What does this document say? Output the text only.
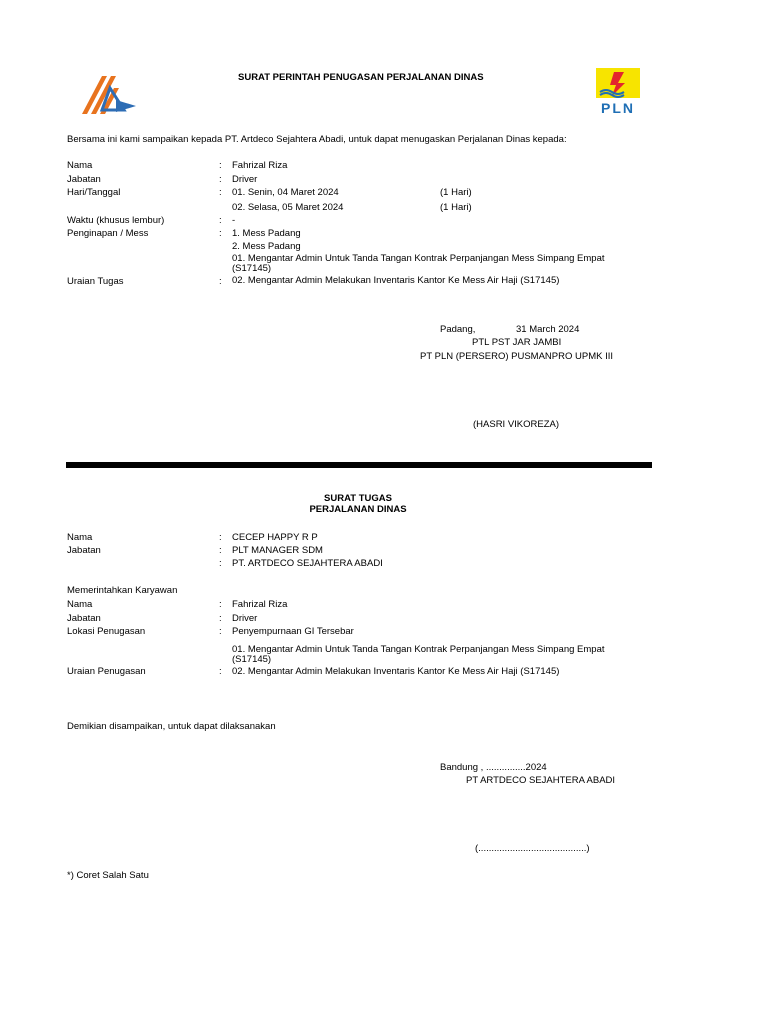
PLN
SURAT PERINTAH PENUGASAN PERJALANAN DINAS
Bersama ini kami sampaikan kepada PT. Artdeco Sejahtera Abadi, untuk dapat menugaskan Perjalanan Dinas kepada:
Nama	: Fahrizal Riza
Jabatan	: Driver
Hari/Tanggal	: 01. Senin, 04 Maret 2024	(1 Hari)
02. Selasa, 05 Maret 2024	(1 Hari)
Waktu (khusus lembur)	: -
Penginapan / Mess	: 1. Mess Padang
2. Mess Padang
01. Mengantar Admin Untuk Tanda Tangan Kontrak Perpanjangan Mess Simpang Empat (S17145)
Uraian Tugas	: 02. Mengantar Admin Melakukan Inventaris Kantor Ke Mess Air Haji (S17145)
Padang,	31 March 2024
PTL PST JAR JAMBI
PT PLN (PERSERO) PUSMANPRO UPMK III
(HASRI VIKOREZA)
SURAT TUGAS
PERJALANAN DINAS
Nama	: CECEP HAPPY R P
Jabatan	: PLT MANAGER SDM
: PT. ARTDECO SEJAHTERA ABADI
Memerintahkan Karyawan
Nama	: Fahrizal Riza
Jabatan	: Driver
Lokasi Penugasan	: Penyempurnaan GI Tersebar
01. Mengantar Admin Untuk Tanda Tangan Kontrak Perpanjangan Mess Simpang Empat (S17145)
Uraian Penugasan	: 02. Mengantar Admin Melakukan Inventaris Kantor Ke Mess Air Haji (S17145)
Demikian disampaikan, untuk dapat dilaksanakan
Bandung , ...............2024
PT ARTDECO SEJAHTERA ABADI
(.........................................)
*) Coret Salah Satu
